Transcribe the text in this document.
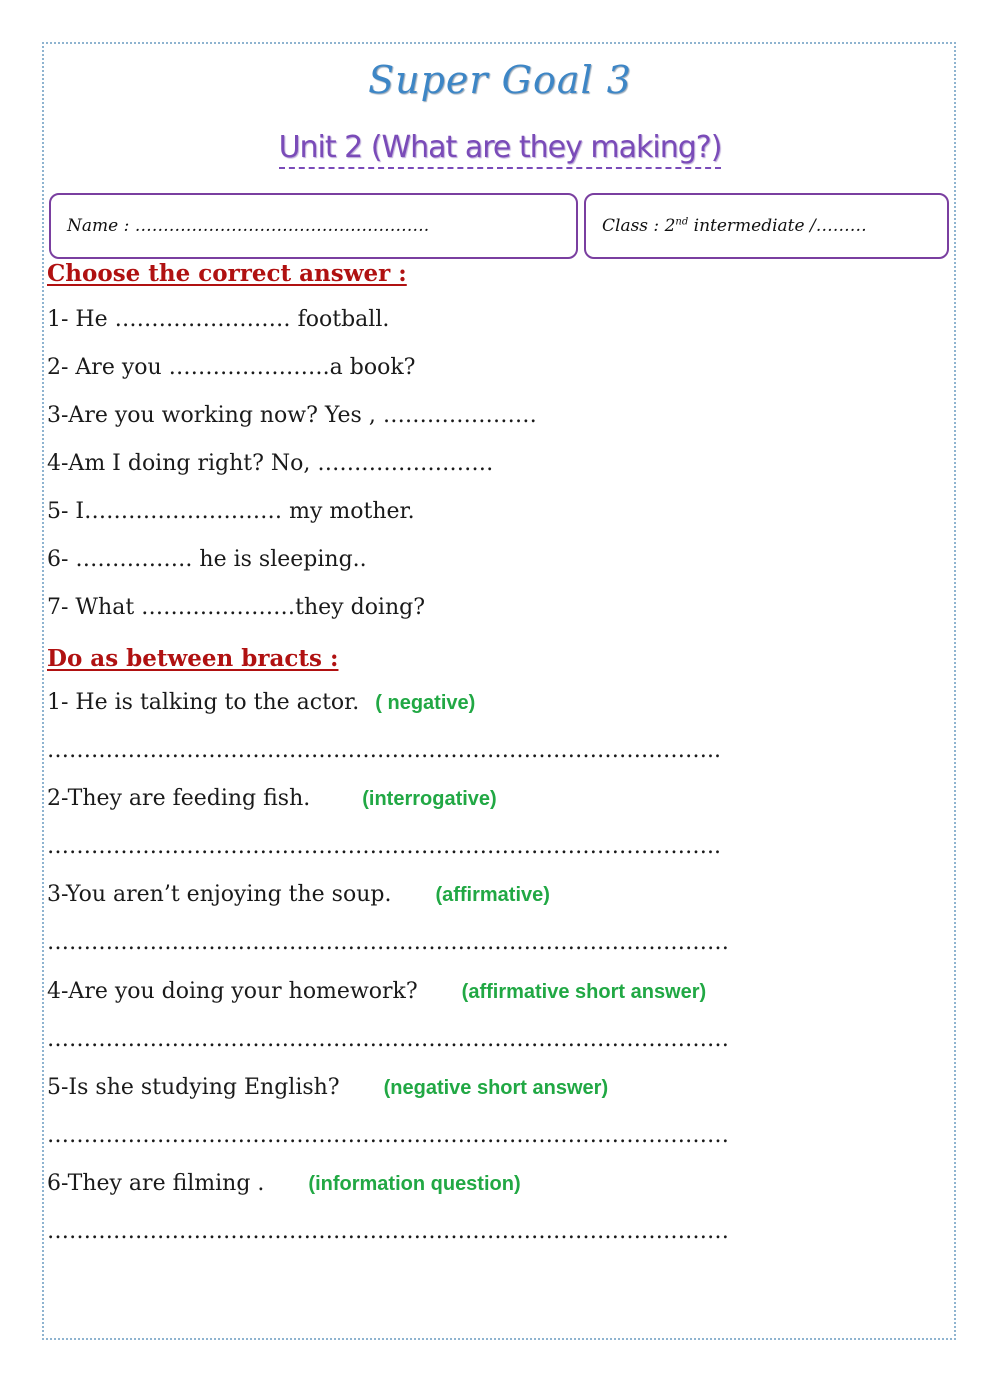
Super Goal 3
Unit 2 (What are they making?)
Name : …………………………………………….	Class : 2nd intermediate /………
Choose the correct answer :
1- He …………………… football.
2- Are you ………………….a book?
3-Are you working now? Yes , …………………
4-Am I doing right? No, ……………………
5- I……………………… my mother.
6- ……………. he is sleeping..
7- What …………………they doing?
Do as between bracts :
1- He is talking to the actor. ( negative)
………………………………………………………………………………..
2-They are feeding fish.	(interrogative)
………………………………………………………………………………..
3-You aren’t enjoying the soup. (affirmative)
…………………………………………………………………………………
4-Are you doing your homework? (affirmative short answer)
…………………………………………………………………………………
5-Is she studying English? (negative short answer)
…………………………………………………………………………………
6-They are filming . (information question)
…………………………………………………………………………………
